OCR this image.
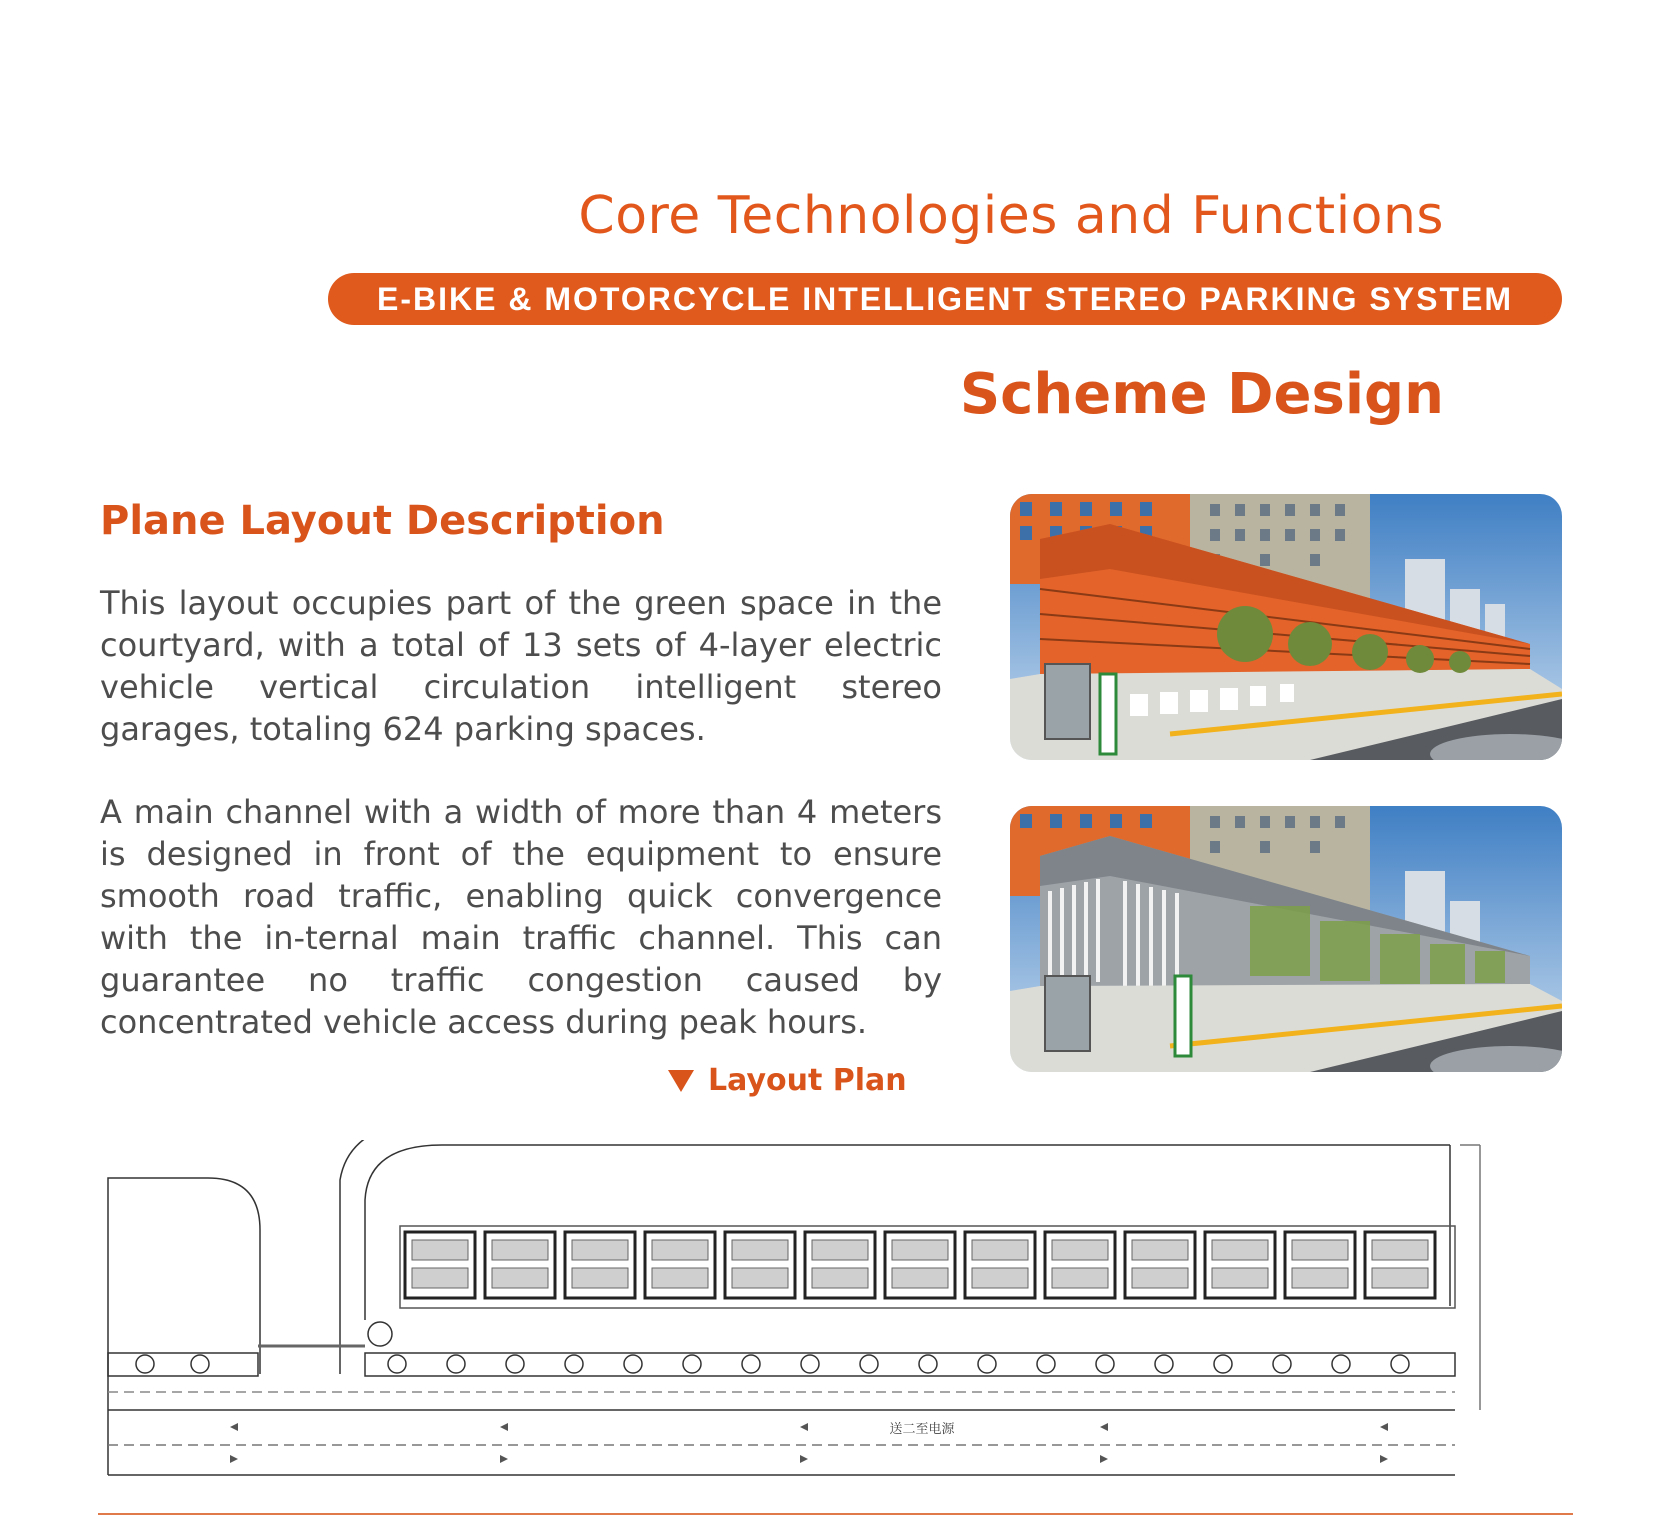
Core Technologies and Functions
E-BIKE & MOTORCYCLE INTELLIGENT STEREO PARKING SYSTEM
Scheme Design
Plane Layout Description

This layout occupies part of the green space in the courtyard, with a total of 13 sets of 4-layer electric vehicle vertical circulation intelligent stereo garages, totaling 624 parking spaces.

A main channel with a width of more than 4 meters is designed in front of the equipment to ensure smooth road traffic, enabling quick convergence with the in-ternal main traffic channel. This can guarantee no traffic congestion caused by concentrated vehicle access during peak hours.

Layout Plan
送二至电源
